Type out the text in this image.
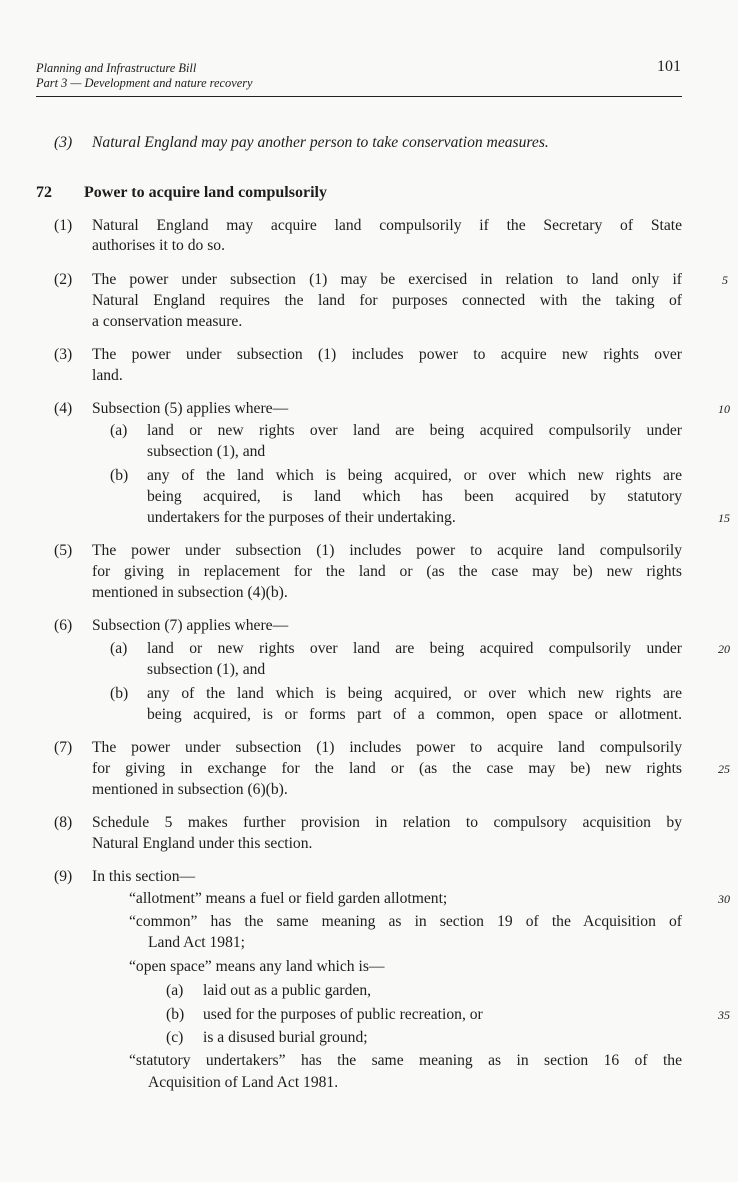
Planning and Infrastructure Bill
Part 3 — Development and nature recovery
101
(3) Natural England may pay another person to take conservation measures.
72 Power to acquire land compulsorily
(1) Natural England may acquire land compulsorily if the Secretary of State
authorises it to do so.
(2) The power under subsection (1) may be exercised in relation to land only if
Natural England requires the land for purposes connected with the taking of
a conservation measure.
(3) The power under subsection (1) includes power to acquire new rights over
land.
(4) Subsection (5) applies where—
(a) land or new rights over land are being acquired compulsorily under
subsection (1), and
(b) any of the land which is being acquired, or over which new rights are
being acquired, is land which has been acquired by statutory
undertakers for the purposes of their undertaking.
(5) The power under subsection (1) includes power to acquire land compulsorily
for giving in replacement for the land or (as the case may be) new rights
mentioned in subsection (4)(b).
(6) Subsection (7) applies where—
(a) land or new rights over land are being acquired compulsorily under
subsection (1), and
(b) any of the land which is being acquired, or over which new rights are
being acquired, is or forms part of a common, open space or allotment.
(7) The power under subsection (1) includes power to acquire land compulsorily
for giving in exchange for the land or (as the case may be) new rights
mentioned in subsection (6)(b).
(8) Schedule 5 makes further provision in relation to compulsory acquisition by
Natural England under this section.
(9) In this section—
“allotment” means a fuel or field garden allotment;
“common” has the same meaning as in section 19 of the Acquisition of
Land Act 1981;
“open space” means any land which is—
(a) laid out as a public garden,
(b) used for the purposes of public recreation, or
(c) is a disused burial ground;
“statutory undertakers” has the same meaning as in section 16 of the
Acquisition of Land Act 1981.
5
10
15
20
25
30
35
